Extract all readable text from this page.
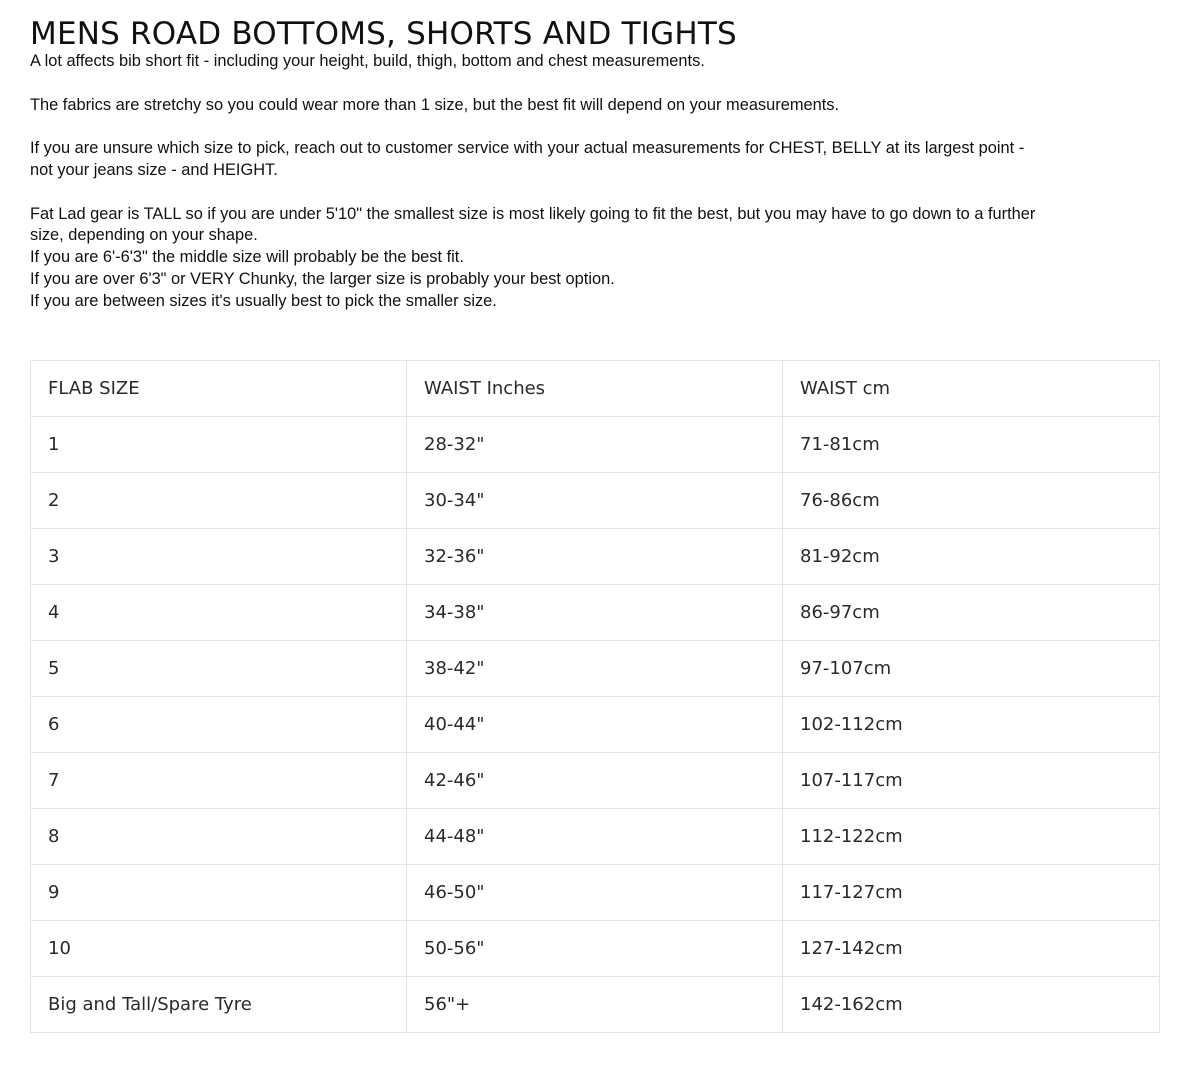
MENS ROAD BOTTOMS, SHORTS AND TIGHTS

A lot affects bib short fit - including your height, build, thigh, bottom and chest measurements.

The fabrics are stretchy so you could wear more than 1 size, but the best fit will depend on your measurements.

If you are unsure which size to pick, reach out to customer service with your actual measurements for CHEST, BELLY at its largest point -

not your jeans size - and HEIGHT.

Fat Lad gear is TALL so if you are under 5'10" the smallest size is most likely going to fit the best, but you may have to go down to a further

size, depending on your shape.

If you are 6'-6'3" the middle size will probably be the best fit.

If you are over 6'3" or VERY Chunky, the larger size is probably your best option.

If you are between sizes it's usually best to pick the smaller size.

FLAB SIZE	WAIST Inches	WAIST cm
1	28-32"	71-81cm
2	30-34"	76-86cm
3	32-36"	81-92cm
4	34-38"	86-97cm
5	38-42"	97-107cm
6	40-44"	102-112cm
7	42-46"	107-117cm
8	44-48"	112-122cm
9	46-50"	117-127cm
10	50-56"	127-142cm
Big and Tall/Spare Tyre	56"+	142-162cm
